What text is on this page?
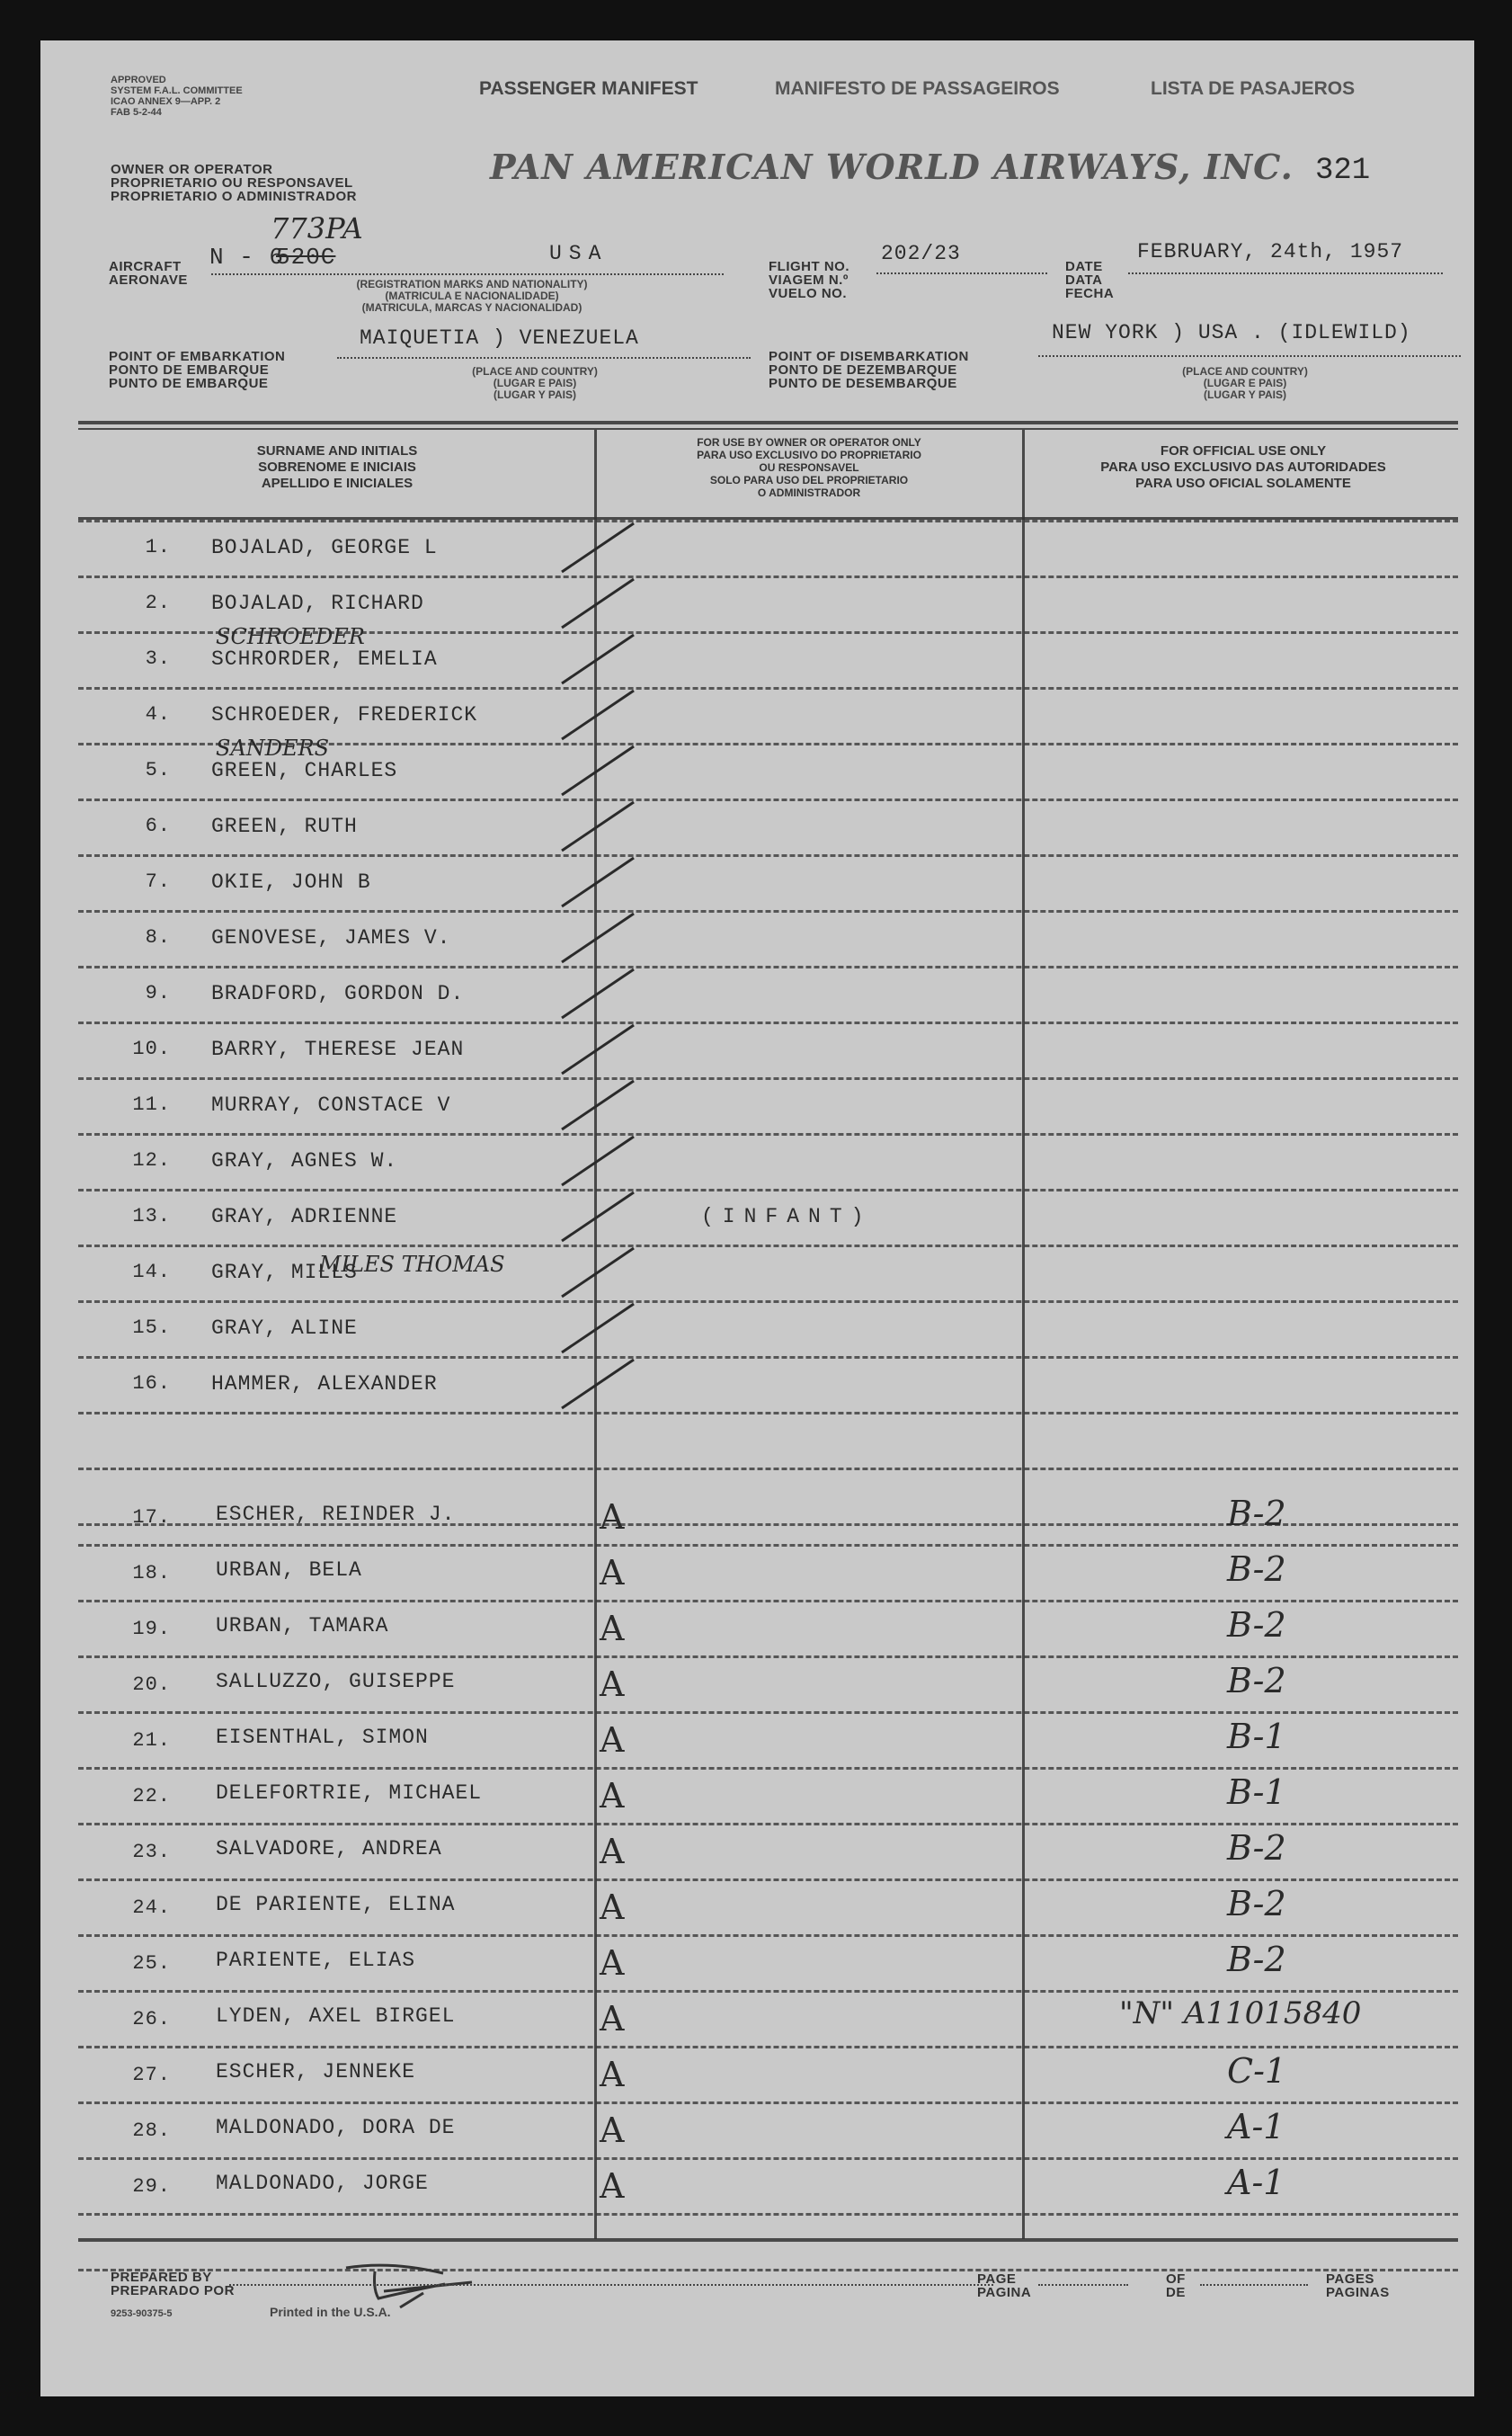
APPROVED
SYSTEM F.A.L. COMMITTEE
ICAO ANNEX 9—APP. 2
FAB 5-2-44
PASSENGER MANIFEST	MANIFESTO DE PASSAGEIROS	LISTA DE PASAJEROS
OWNER OR OPERATOR
PROPRIETARIO OU RESPONSAVEL
PROPRIETARIO O ADMINISTRADOR
PAN AMERICAN WORLD AIRWAYS, INC. 321
AIRCRAFT
AERONAVE
N - 6
520C
773PA
USA
(REGISTRATION MARKS AND NATIONALITY)
(MATRICULA E NACIONALIDADE)
(MATRICULA, MARCAS Y NACIONALIDAD)
FLIGHT NO.
VIAGEM N.º
VUELO NO.
202/23
DATE
DATA
FECHA
FEBRUARY, 24th, 1957
POINT OF EMBARKATION
PONTO DE EMBARQUE
PUNTO DE EMBARQUE
MAIQUETIA ) VENEZUELA
(PLACE AND COUNTRY)
(LUGAR E PAIS)
(LUGAR Y PAIS)
POINT OF DISEMBARKATION
PONTO DE DEZEMBARQUE
PUNTO DE DESEMBARQUE
NEW YORK ) USA . (IDLEWILD)
(PLACE AND COUNTRY)
(LUGAR E PAIS)
(LUGAR Y PAIS)
SURNAME AND INITIALS
SOBRENOME E INICIAIS
APELLIDO E INICIALES
FOR USE BY OWNER OR OPERATOR ONLY
PARA USO EXCLUSIVO DO PROPRIETARIO
OU RESPONSAVEL
SOLO PARA USO DEL PROPRIETARIO
O ADMINISTRADOR
FOR OFFICIAL USE ONLY
PARA USO EXCLUSIVO DAS AUTORIDADES
PARA USO OFICIAL SOLAMENTE
1. BOJALAD, GEORGE L
2. BOJALAD, RICHARD
3. SCHRORDER, EMELIA
SCHROEDER
4. SCHROEDER, FREDERICK
5. GREEN, CHARLES
SANDERS
6. GREEN, RUTH
7. OKIE, JOHN B
8. GENOVESE, JAMES V.
9. BRADFORD, GORDON D.
10. BARRY, THERESE JEAN
11. MURRAY, CONSTACE V
12. GRAY, AGNES W.
13. GRAY, ADRIENNE	(INFANT)
14. GRAY, MILLS
MILES THOMAS
15. GRAY, ALINE
16. HAMMER, ALEXANDER
17. ESCHER, REINDER J.	A	B-2
18. URBAN, BELA	A	B-2
19. URBAN, TAMARA	A	B-2
20. SALLUZZO, GUISEPPE	A	B-2
21. EISENTHAL, SIMON	A	B-1
22. DELEFORTRIE, MICHAEL	A	B-1
23. SALVADORE, ANDREA	A	B-2
24. DE PARIENTE, ELINA	A	B-2
25. PARIENTE, ELIAS	A	B-2
26. LYDEN, AXEL BIRGEL	A	"N" A11015840
27. ESCHER, JENNEKE	A	C-1
28. MALDONADO, DORA DE	A	A-1
29. MALDONADO, JORGE	A	A-1
PREPARED BY
PREPARADO POR
9253-90375-5	Printed in the U.S.A.
PAGE
PAGINA
OF
DE
PAGES
PAGINAS
